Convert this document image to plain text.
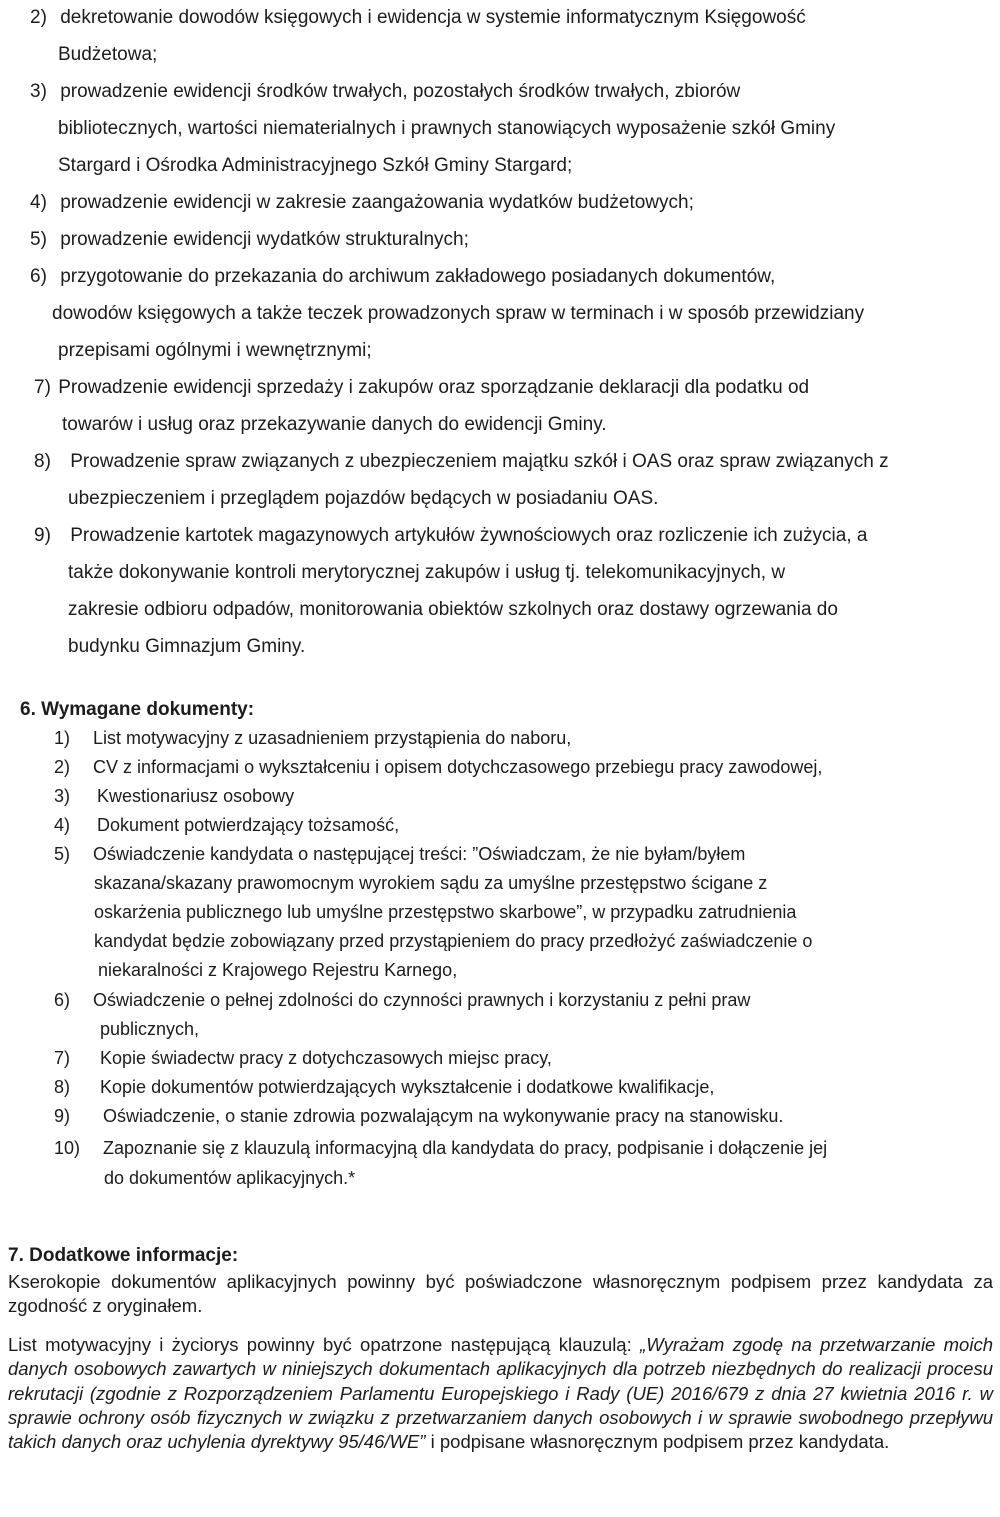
2) dekretowanie dowodów księgowych i ewidencja w systemie informatycznym Księgowość
Budżetowa;
3) prowadzenie ewidencji środków trwałych, pozostałych środków trwałych, zbiorów
bibliotecznych, wartości niematerialnych i prawnych stanowiących wyposażenie szkół Gminy
Stargard i Ośrodka Administracyjnego Szkół Gminy Stargard;
4) prowadzenie ewidencji w zakresie zaangażowania wydatków budżetowych;
5) prowadzenie ewidencji wydatków strukturalnych;
6) przygotowanie do przekazania do archiwum zakładowego posiadanych dokumentów,
dowodów księgowych a także teczek prowadzonych spraw w terminach i w sposób przewidziany
przepisami ogólnymi i wewnętrznymi;
7) Prowadzenie ewidencji sprzedaży i zakupów oraz sporządzanie deklaracji dla podatku od
towarów i usług oraz przekazywanie danych do ewidencji Gminy.
8) Prowadzenie spraw związanych z ubezpieczeniem majątku szkół i OAS oraz spraw związanych z
ubezpieczeniem i przeglądem pojazdów będących w posiadaniu OAS.
9) Prowadzenie kartotek magazynowych artykułów żywnościowych oraz rozliczenie ich zużycia, a
także dokonywanie kontroli merytorycznej zakupów i usług tj. telekomunikacyjnych, w
zakresie odbioru odpadów, monitorowania obiektów szkolnych oraz dostawy ogrzewania do
budynku Gimnazjum Gminy.
6. Wymagane dokumenty:
1) List motywacyjny z uzasadnieniem przystąpienia do naboru,
2) CV z informacjami o wykształceniu i opisem dotychczasowego przebiegu pracy zawodowej,
3) Kwestionariusz osobowy
4) Dokument potwierdzający tożsamość,
5) Oświadczenie kandydata o następującej treści: ”Oświadczam, że nie byłam/byłem
skazana/skazany prawomocnym wyrokiem sądu za umyślne przestępstwo ścigane z
oskarżenia publicznego lub umyślne przestępstwo skarbowe”, w przypadku zatrudnienia
kandydat będzie zobowiązany przed przystąpieniem do pracy przedłożyć zaświadczenie o
niekaralności z Krajowego Rejestru Karnego,
6) Oświadczenie o pełnej zdolności do czynności prawnych i korzystaniu z pełni praw
publicznych,
7) Kopie świadectw pracy z dotychczasowych miejsc pracy,
8) Kopie dokumentów potwierdzających wykształcenie i dodatkowe kwalifikacje,
9) Oświadczenie, o stanie zdrowia pozwalającym na wykonywanie pracy na stanowisku.
10) Zapoznanie się z klauzulą informacyjną dla kandydata do pracy, podpisanie i dołączenie jej
do dokumentów aplikacyjnych.*
7. Dodatkowe informacje:
Kserokopie dokumentów aplikacyjnych powinny być poświadczone własnoręcznym podpisem przez kandydata za zgodność z oryginałem.
List motywacyjny i życiorys powinny być opatrzone następującą klauzulą: „Wyrażam zgodę na przetwarzanie moich danych osobowych zawartych w niniejszych dokumentach aplikacyjnych dla potrzeb niezbędnych do realizacji procesu rekrutacji (zgodnie z Rozporządzeniem Parlamentu Europejskiego i Rady (UE) 2016/679 z dnia 27 kwietnia 2016 r. w sprawie ochrony osób fizycznych w związku z przetwarzaniem danych osobowych i w sprawie swobodnego przepływu takich danych oraz uchylenia dyrektywy 95/46/WE” i podpisane własnoręcznym podpisem przez kandydata.
